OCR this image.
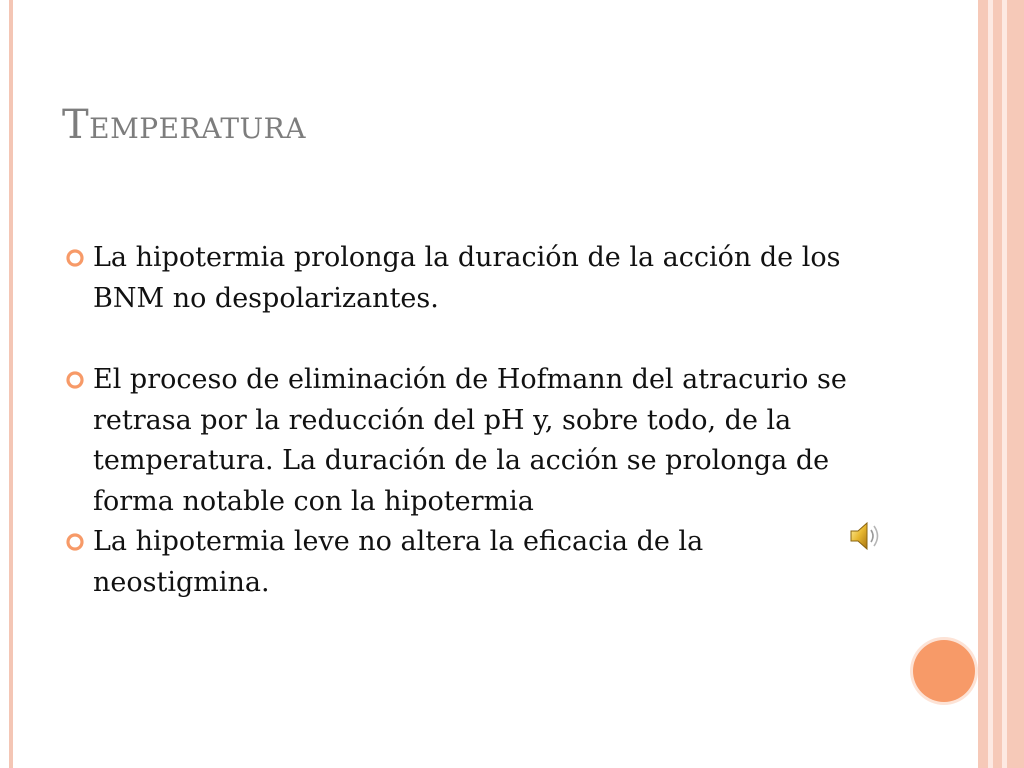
Temperatura
La hipotermia prolonga la duración de la acción de los BNM no despolarizantes.
El proceso de eliminación de Hofmann del atracurio se retrasa por la reducción del pH y, sobre todo, de la temperatura. La duración de la acción se prolonga de forma notable con la hipotermia
La hipotermia leve no altera la eficacia de la neostigmina.
